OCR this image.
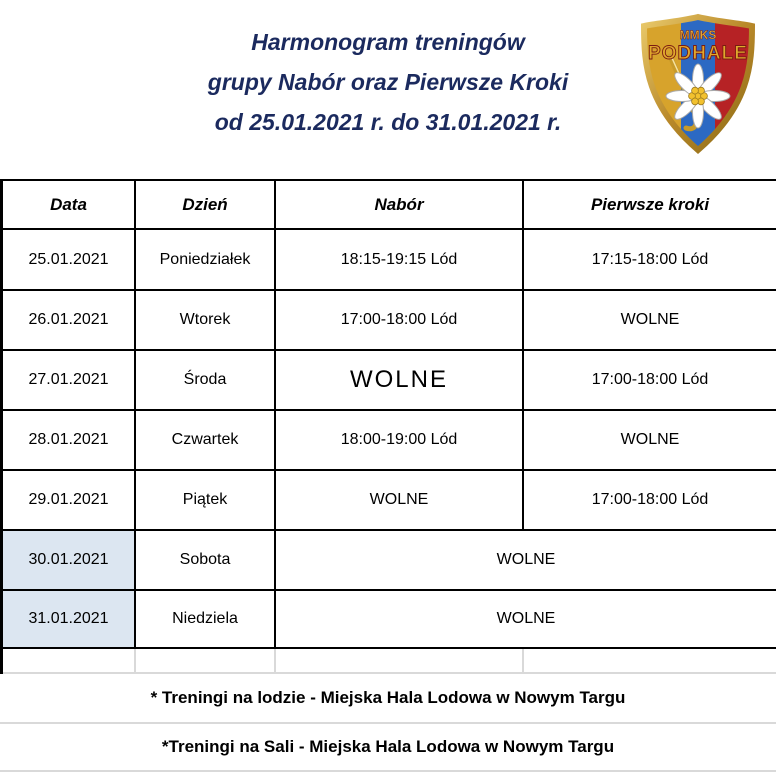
Harmonogram treningów
grupy Nabór oraz Pierwsze Kroki
od 25.01.2021 r. do 31.01.2021 r.
MMKS
PODHALE
Data	Dzień	Nabór	Pierwsze kroki
25.01.2021	Poniedziałek	18:15-19:15 Lód	17:15-18:00 Lód
26.01.2021	Wtorek	17:00-18:00 Lód	WOLNE
27.01.2021	Środa	WOLNE	17:00-18:00 Lód
28.01.2021	Czwartek	18:00-19:00 Lód	WOLNE
29.01.2021	Piątek	WOLNE	17:00-18:00 Lód
30.01.2021	Sobota	WOLNE
31.01.2021	Niedziela	WOLNE
* Treningi na lodzie - Miejska Hala Lodowa w Nowym Targu
*Treningi na Sali - Miejska Hala Lodowa w Nowym Targu
